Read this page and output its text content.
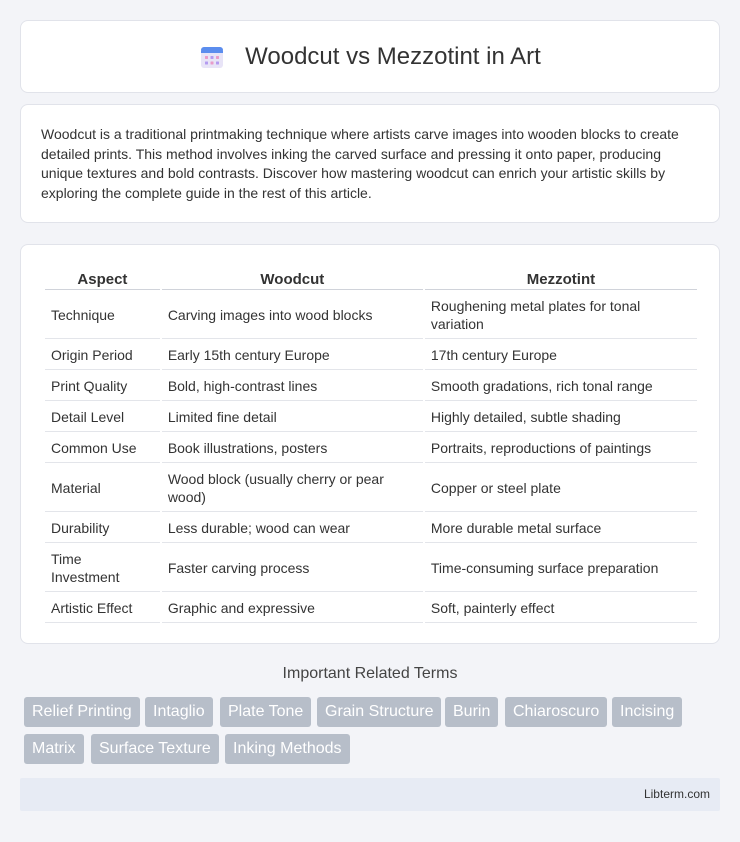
Woodcut vs Mezzotint in Art

Woodcut is a traditional printmaking technique where artists carve images into wooden blocks to create detailed prints. This method involves inking the carved surface and pressing it onto paper, producing unique textures and bold contrasts. Discover how mastering woodcut can enrich your artistic skills by exploring the complete guide in the rest of this article.

Aspect	Woodcut	Mezzotint
Technique	Carving images into wood blocks	Roughening metal plates for tonal variation
Origin Period	Early 15th century Europe	17th century Europe
Print Quality	Bold, high-contrast lines	Smooth gradations, rich tonal range
Detail Level	Limited fine detail	Highly detailed, subtle shading
Common Use	Book illustrations, posters	Portraits, reproductions of paintings
Material	Wood block (usually cherry or pear wood)	Copper or steel plate
Durability	Less durable; wood can wear	More durable metal surface
Time Investment	Faster carving process	Time-consuming surface preparation
Artistic Effect	Graphic and expressive	Soft, painterly effect
Important Related Terms
Relief Printing	Intaglio	Plate Tone	Grain Structure	Burin	Chiaroscuro	Incising
Matrix	Surface Texture	Inking Methods
Libterm.com
